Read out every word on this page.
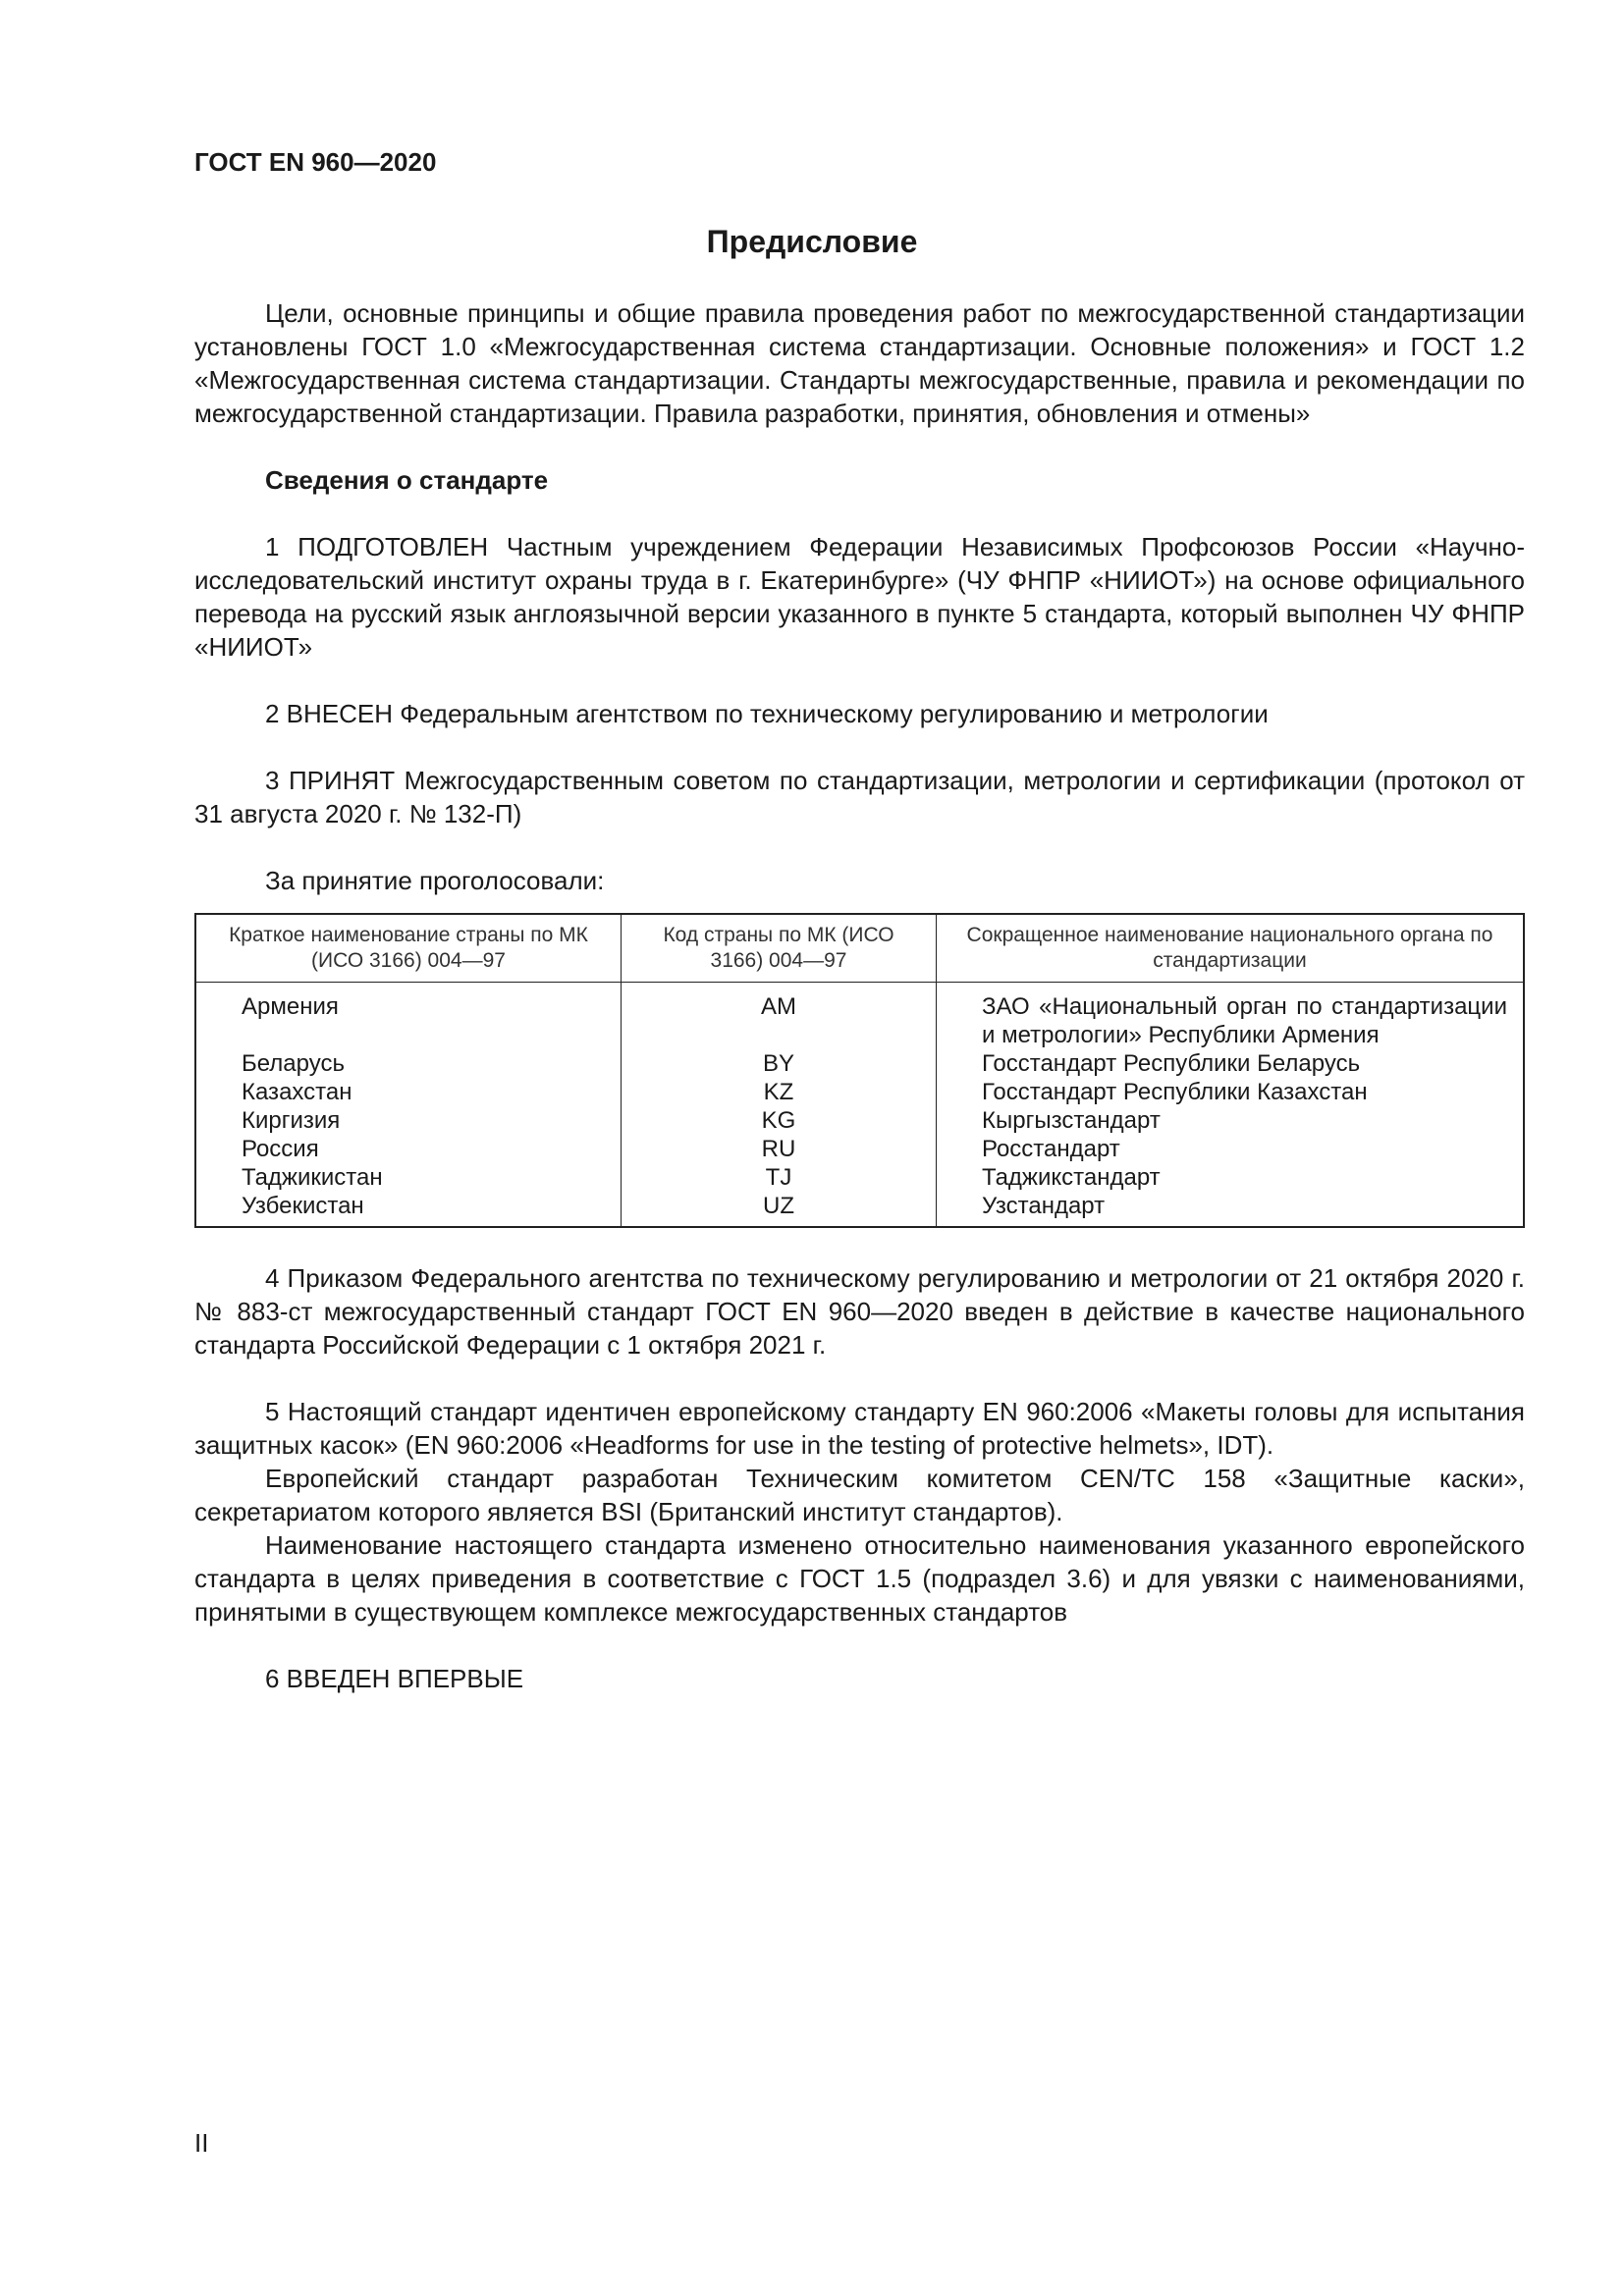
ГОСТ EN 960—2020

Предисловие

Цели, основные принципы и общие правила проведения работ по межгосударственной стандартизации установлены ГОСТ 1.0 «Межгосударственная система стандартизации. Основные положения» и ГОСТ 1.2 «Межгосударственная система стандартизации. Стандарты межгосударственные, правила и рекомендации по межгосударственной стандартизации. Правила разработки, принятия, обновления и отмены»

Сведения о стандарте

1 ПОДГОТОВЛЕН Частным учреждением Федерации Независимых Профсоюзов России «Научно-исследовательский институт охраны труда в г. Екатеринбурге» (ЧУ ФНПР «НИИОТ») на основе официального перевода на русский язык англоязычной версии указанного в пункте 5 стандарта, который выполнен ЧУ ФНПР «НИИОТ»

2 ВНЕСЕН Федеральным агентством по техническому регулированию и метрологии

3 ПРИНЯТ Межгосударственным советом по стандартизации, метрологии и сертификации (протокол от 31 августа 2020 г. № 132-П)

За принятие проголосовали:

Краткое наименование страны по МК (ИСО 3166) 004—97	Код страны по МК (ИСО 3166) 004—97	Сокращенное наименование национального органа по стандартизации
Армения	AM	ЗАО «Национальный орган по стандартизации и метрологии» Республики Армения
Беларусь	BY	Госстандарт Республики Беларусь
Казахстан	KZ	Госстандарт Республики Казахстан
Киргизия	KG	Кыргызстандарт
Россия	RU	Росстандарт
Таджикистан	TJ	Таджикстандарт
Узбекистан	UZ	Узстандарт

4 Приказом Федерального агентства по техническому регулированию и метрологии от 21 октября 2020 г. № 883-ст межгосударственный стандарт ГОСТ EN 960—2020 введен в действие в качестве национального стандарта Российской Федерации с 1 октября 2021 г.

5 Настоящий стандарт идентичен европейскому стандарту EN 960:2006 «Макеты головы для испытания защитных касок» (EN 960:2006 «Headforms for use in the testing of protective helmets», IDT).

Европейский стандарт разработан Техническим комитетом CEN/TC 158 «Защитные каски», секретариатом которого является BSI (Британский институт стандартов).

Наименование настоящего стандарта изменено относительно наименования указанного европейского стандарта в целях приведения в соответствие с ГОСТ 1.5 (подраздел 3.6) и для увязки с наименованиями, принятыми в существующем комплексе межгосударственных стандартов

6 ВВЕДЕН ВПЕРВЫЕ

II
